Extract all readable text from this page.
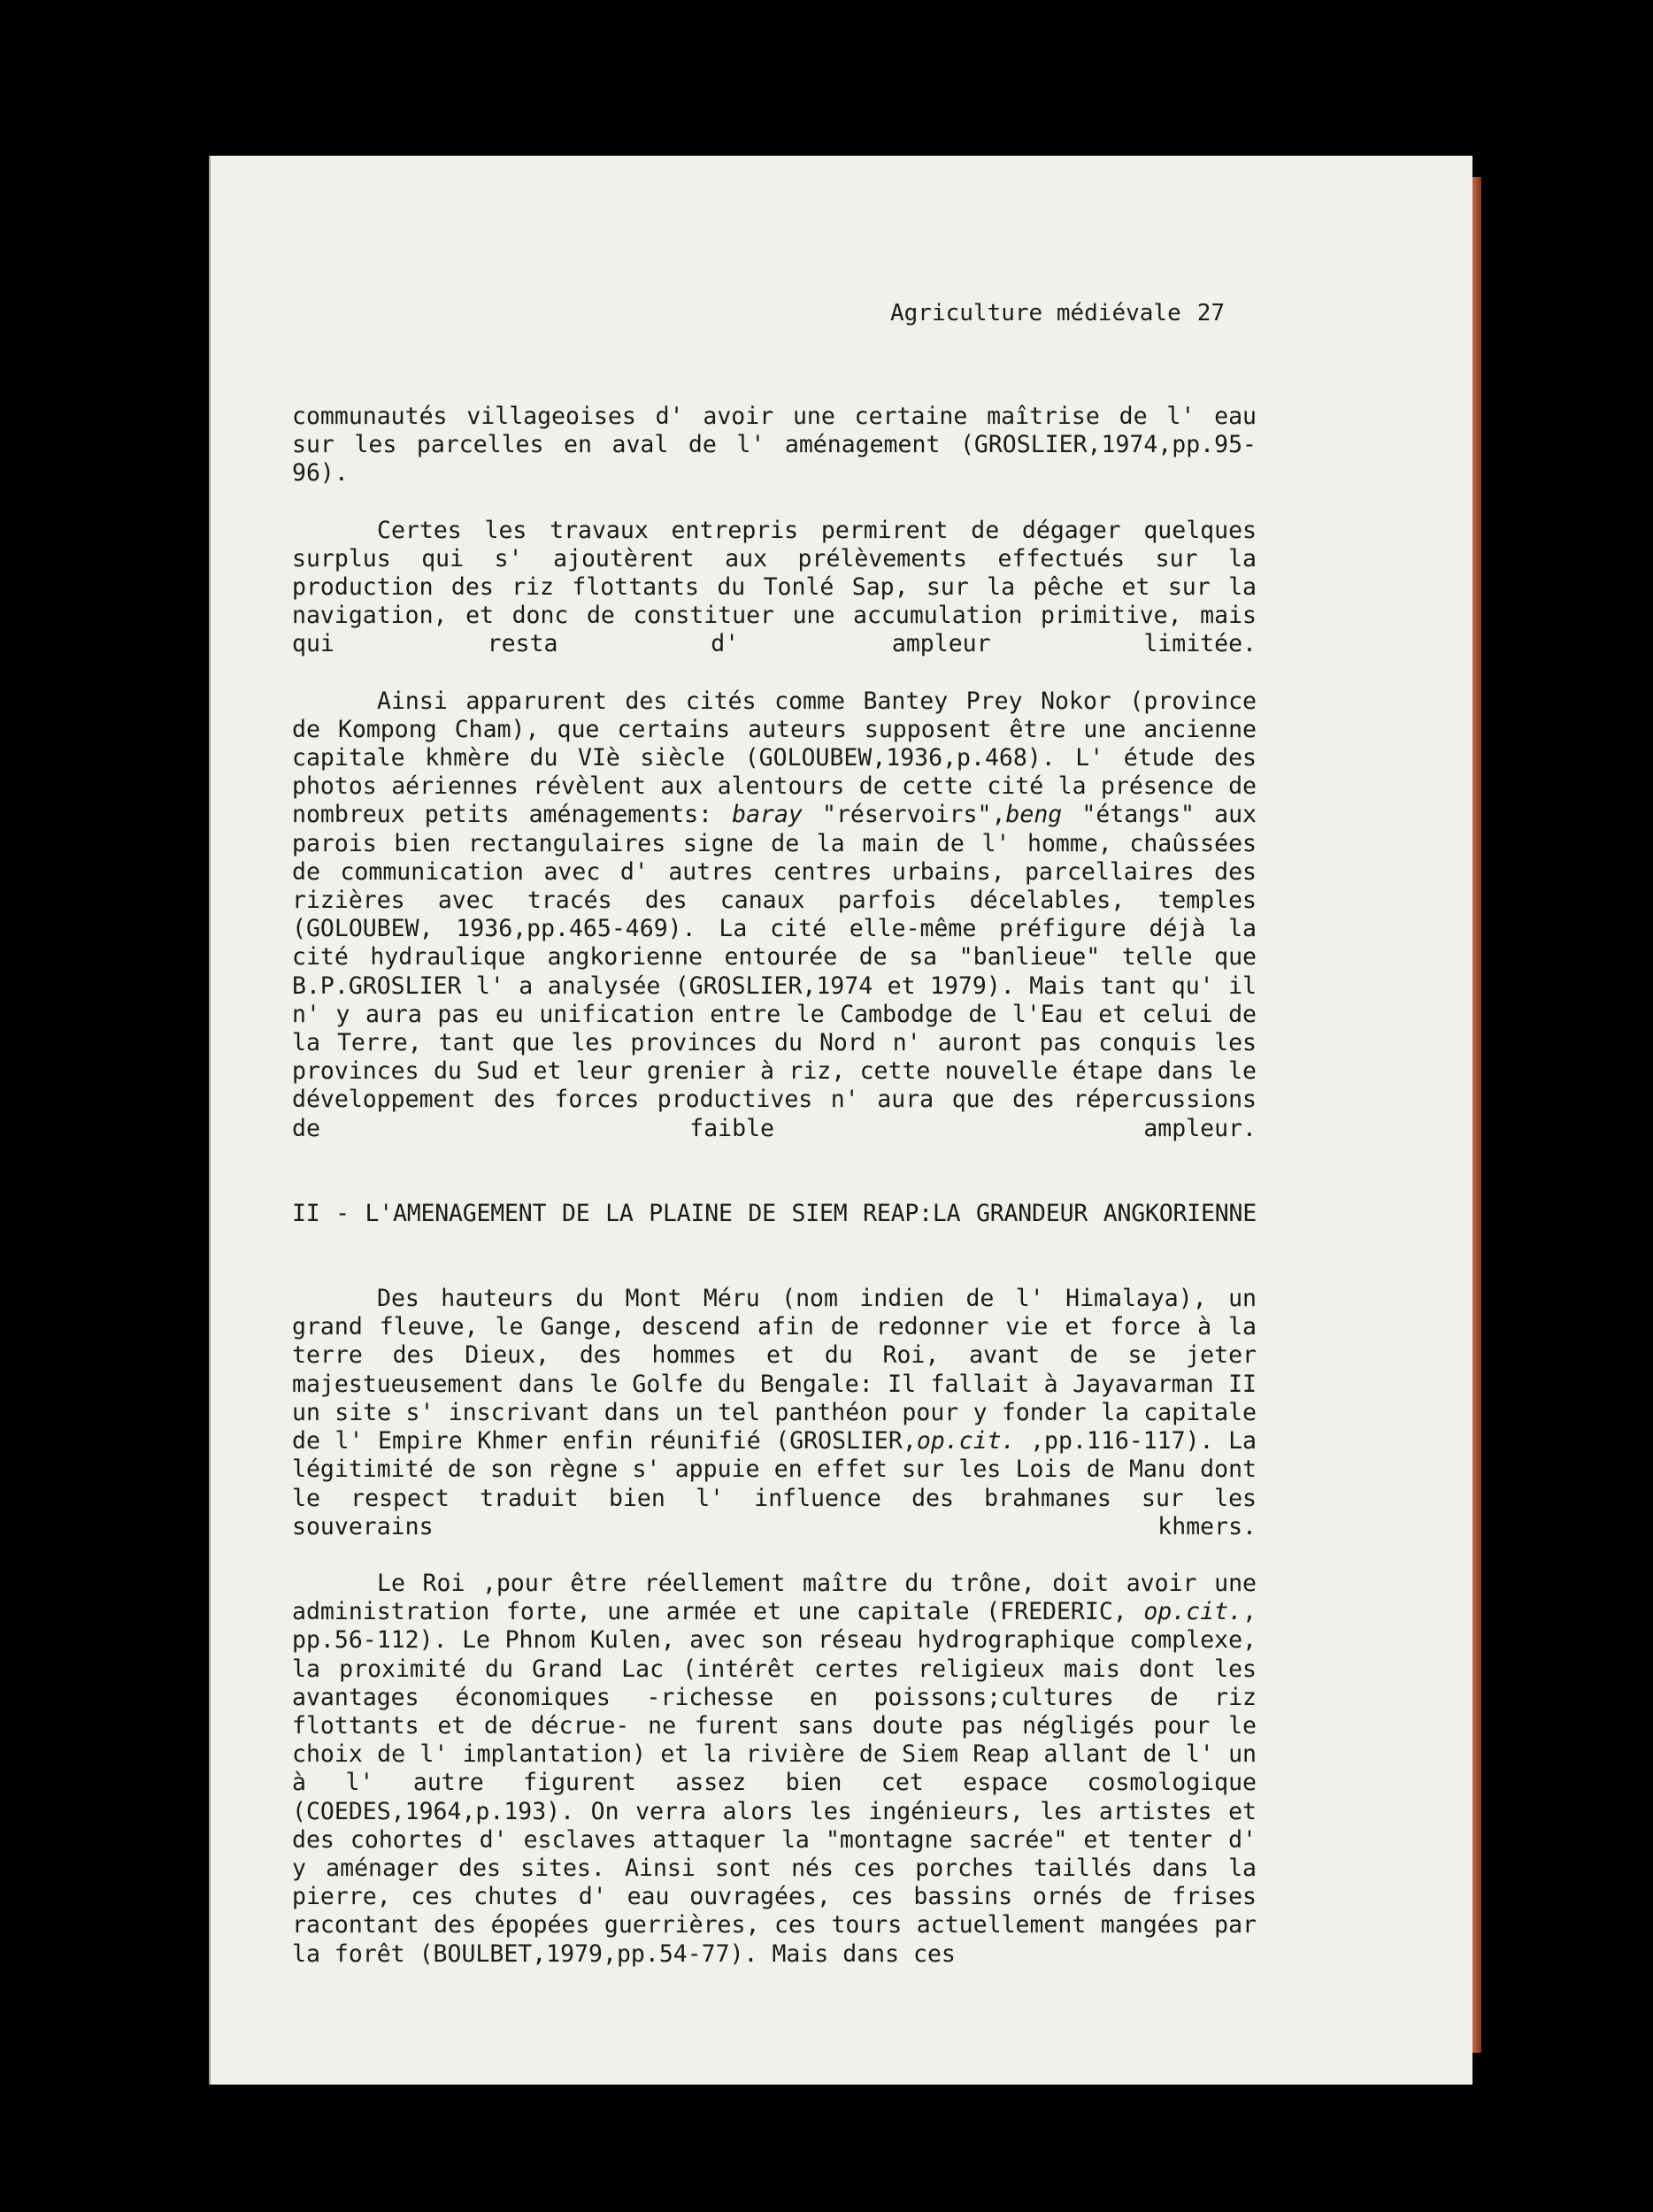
Agriculture médiévale 27

communautés villageoises d' avoir une certaine maîtrise de l' eau sur les parcelles en aval de l' aménagement (GROSLIER,1974,pp.95-96).

Certes les travaux entrepris permirent de dégager quelques surplus qui s' ajoutèrent aux prélèvements effectués sur la production des riz flottants du Tonlé Sap, sur la pêche et sur la navigation, et donc de constituer une accumulation primitive, mais qui resta d' ampleur limitée.

Ainsi apparurent des cités comme Bantey Prey Nokor (province de Kompong Cham), que certains auteurs supposent être une ancienne capitale khmère du VIè siècle (GOLOUBEW,1936,p.468). L' étude des photos aériennes révèlent aux alentours de cette cité la présence de nombreux petits aménagements: baray "réservoirs",beng "étangs" aux parois bien rectangulaires signe de la main de l' homme, chaûssées de communication avec d' autres centres urbains, parcellaires des rizières avec tracés des canaux parfois décelables, temples (GOLOUBEW, 1936,pp.465-469). La cité elle-même préfigure déjà la cité hydraulique angkorienne entourée de sa "banlieue" telle que B.P.GROSLIER l' a analysée (GROSLIER,1974 et 1979). Mais tant qu' il n' y aura pas eu unification entre le Cambodge de l'Eau et celui de la Terre, tant que les provinces du Nord n' auront pas conquis les provinces du Sud et leur grenier à riz, cette nouvelle étape dans le développement des forces productives n' aura que des répercussions de faible ampleur.

II - L'AMENAGEMENT DE LA PLAINE DE SIEM REAP:LA GRANDEUR ANGKORIENNE

Des hauteurs du Mont Méru (nom indien de l' Himalaya), un grand fleuve, le Gange, descend afin de redonner vie et force à la terre des Dieux, des hommes et du Roi, avant de se jeter majestueusement dans le Golfe du Bengale: Il fallait à Jayavarman II un site s' inscrivant dans un tel panthéon pour y fonder la capitale de l' Empire Khmer enfin réunifié (GROSLIER,op.cit. ,pp.116-117). La légitimité de son règne s' appuie en effet sur les Lois de Manu dont le respect traduit bien l' influence des brahmanes sur les souverains khmers.

Le Roi ,pour être réellement maître du trône, doit avoir une administration forte, une armée et une capitale (FREDERIC, op.cit., pp.56-112). Le Phnom Kulen, avec son réseau hydrographique complexe, la proximité du Grand Lac (intérêt certes religieux mais dont les avantages économiques -richesse en poissons;cultures de riz flottants et de décrue- ne furent sans doute pas négligés pour le choix de l' implantation) et la rivière de Siem Reap allant de l' un à l' autre figurent assez bien cet espace cosmologique (COEDES,1964,p.193). On verra alors les ingénieurs, les artistes et des cohortes d' esclaves attaquer la "montagne sacrée" et tenter d' y aménager des sites. Ainsi sont nés ces porches taillés dans la pierre, ces chutes d' eau ouvragées, ces bassins ornés de frises racontant des épopées guerrières, ces tours actuellement mangées par la forêt (BOULBET,1979,pp.54-77). Mais dans ces
